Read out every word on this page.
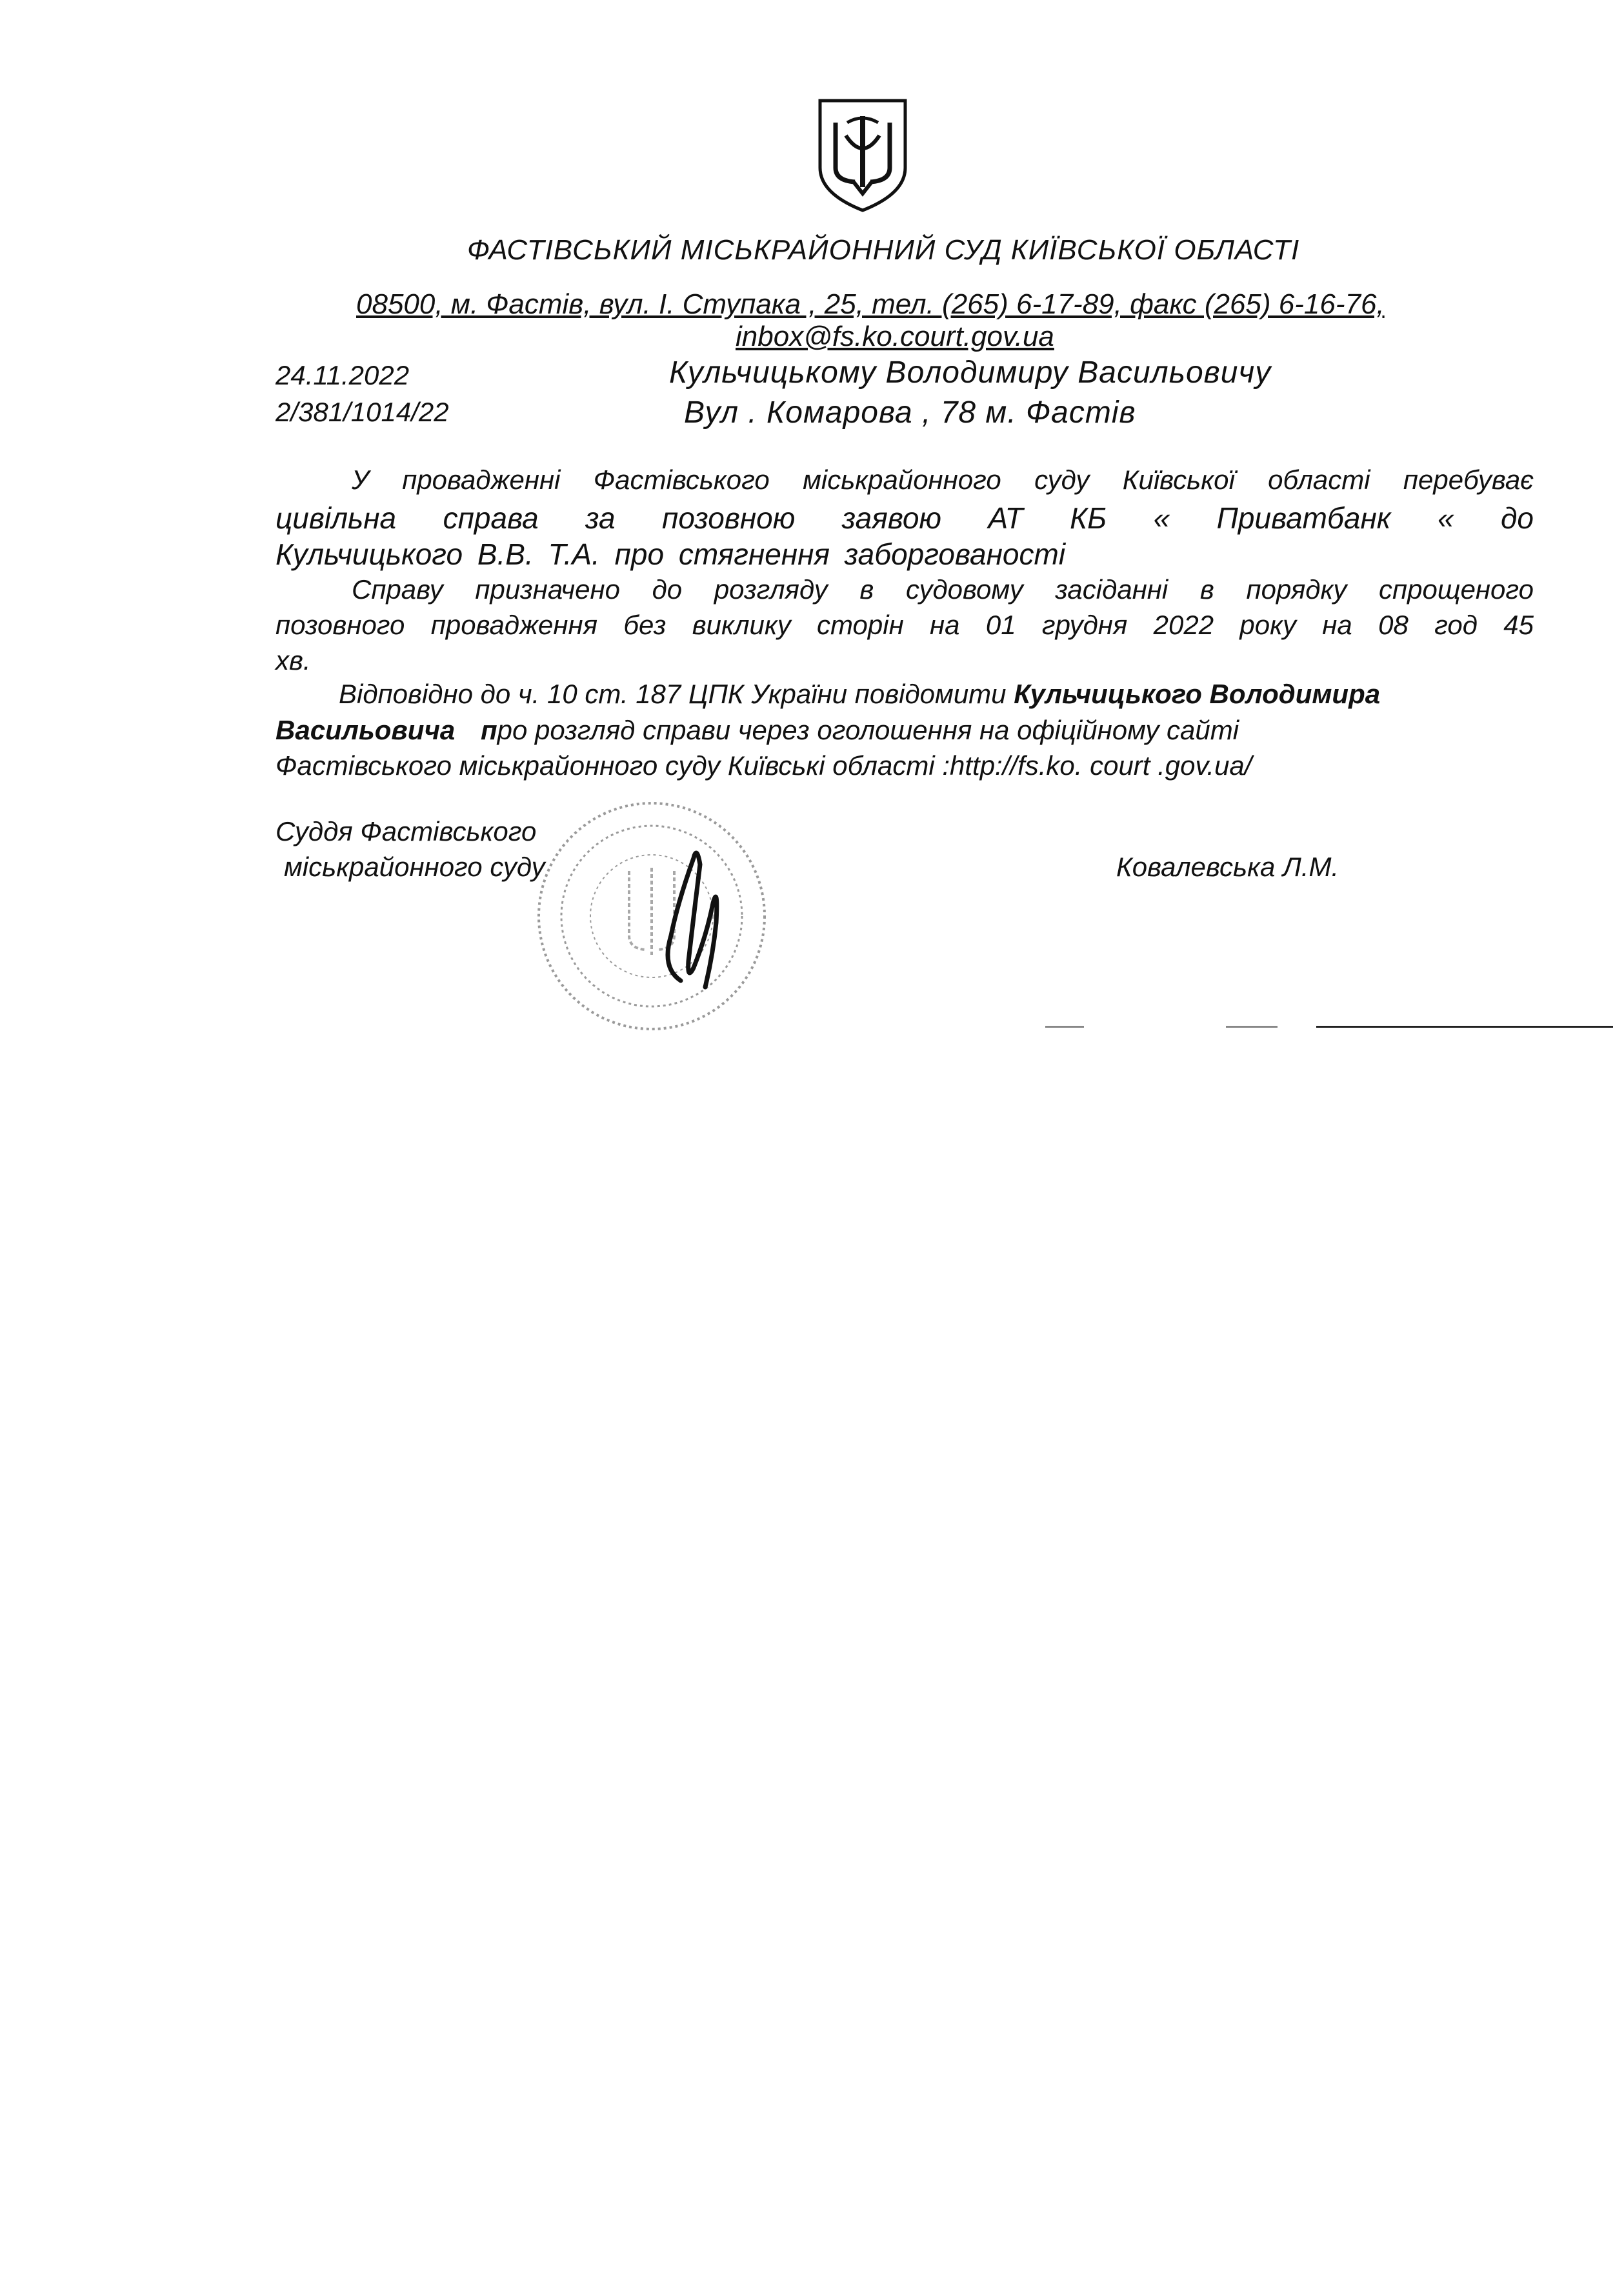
ФАСТІВСЬКИЙ МІСЬКРАЙОННИЙ СУД КИЇВСЬКОЇ ОБЛАСТІ
08500, м. Фастів, вул. І. Ступака , 25, тел. (265) 6-17-89, факс (265) 6-16-76,
inbox@fs.ko.court.gov.ua
24.11.2022
2/381/1014/22
Кульчицькому Володимиру Васильовичу
Вул . Комарова , 78 м. Фастів
У провадженні Фастівського міськрайонного суду Київської області перебуває
цивільна справа за позовною заявою АТ КБ « Приватбанк « до
Кульчицького В.В. Т.А. про стягнення заборгованості
Справу призначено до розгляду в судовому засіданні в порядку спрощеного
позовного провадження без виклику сторін на 01 грудня 2022 року на 08 год 45
хв.
Відповідно до ч. 10 ст. 187 ЦПК України повідомити Кульчицького Володимира
Васильовича про розгляд справи через оголошення на офіційному сайті
Фастівського міськрайонного суду Київські області :http://fs.ko. court .gov.ua/
Суддя Фастівського
міськрайонного суду	Ковалевська Л.М.
